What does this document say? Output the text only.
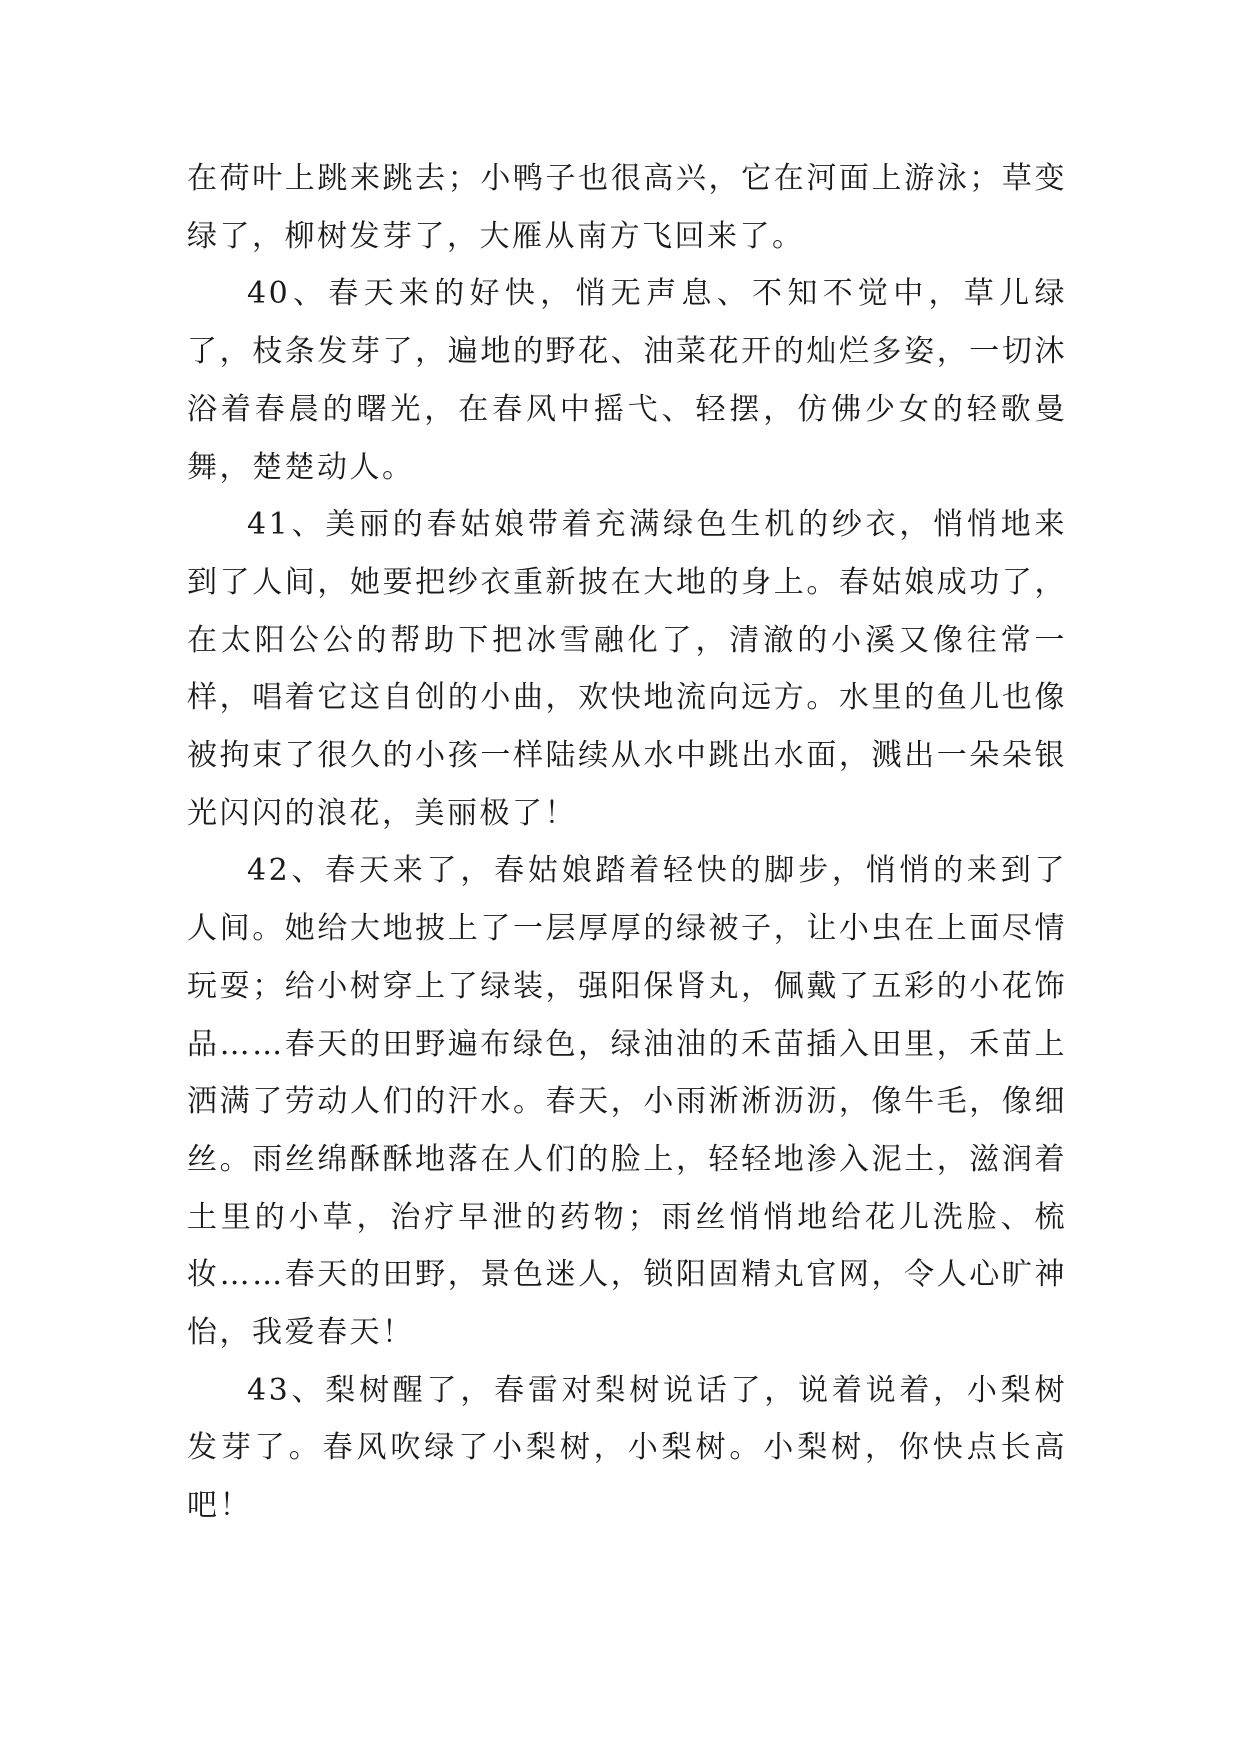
在荷叶上跳来跳去；小鸭子也很高兴，它在河面上游泳；草变绿了，柳树发芽了，大雁从南方飞回来了。

40、春天来的好快，悄无声息、不知不觉中，草儿绿了，枝条发芽了，遍地的野花、油菜花开的灿烂多姿，一切沐浴着春晨的曙光，在春风中摇弋、轻摆，仿佛少女的轻歌曼舞，楚楚动人。

41、美丽的春姑娘带着充满绿色生机的纱衣，悄悄地来到了人间，她要把纱衣重新披在大地的身上。春姑娘成功了，在太阳公公的帮助下把冰雪融化了，清澈的小溪又像往常一样，唱着它这自创的小曲，欢快地流向远方。水里的鱼儿也像被拘束了很久的小孩一样陆续从水中跳出水面，溅出一朵朵银光闪闪的浪花，美丽极了！

42、春天来了，春姑娘踏着轻快的脚步，悄悄的来到了人间。她给大地披上了一层厚厚的绿被子，让小虫在上面尽情玩耍；给小树穿上了绿装，强阳保肾丸，佩戴了五彩的小花饰品……春天的田野遍布绿色，绿油油的禾苗插入田里，禾苗上洒满了劳动人们的汗水。春天，小雨淅淅沥沥，像牛毛，像细丝。雨丝绵酥酥地落在人们的脸上，轻轻地渗入泥土，滋润着土里的小草，治疗早泄的药物；雨丝悄悄地给花儿洗脸、梳妆……春天的田野，景色迷人，锁阳固精丸官网，令人心旷神怡，我爱春天！

43、梨树醒了，春雷对梨树说话了，说着说着，小梨树发芽了。春风吹绿了小梨树，小梨树。小梨树，你快点长高吧！
